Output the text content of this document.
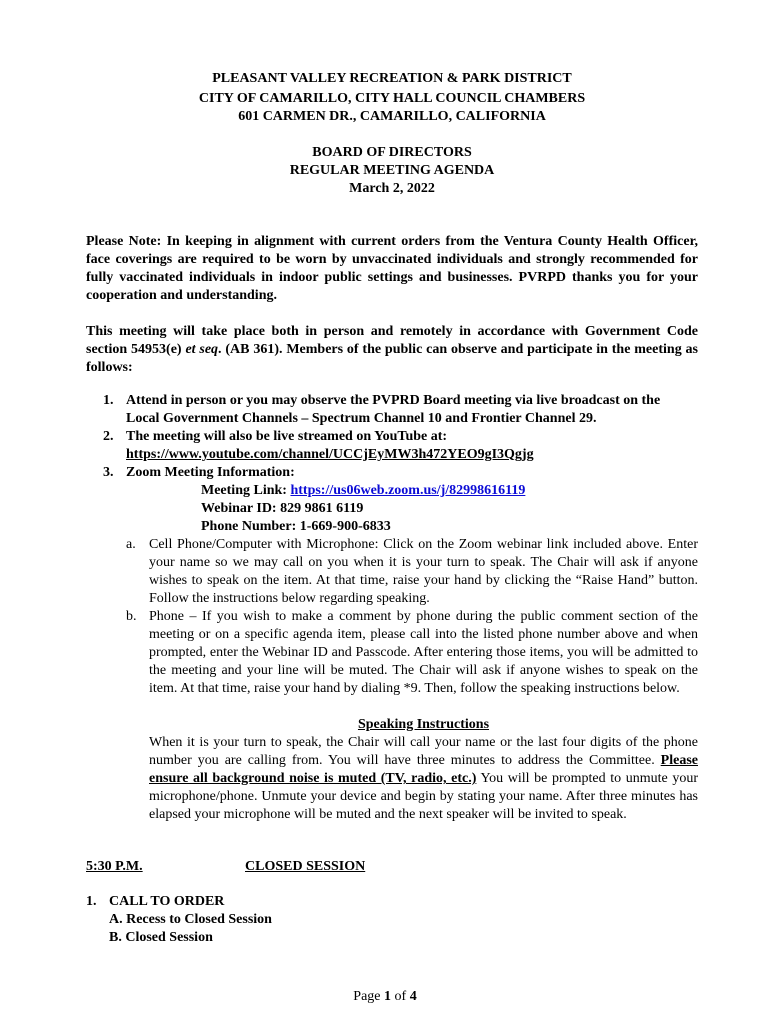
PLEASANT VALLEY RECREATION & PARK DISTRICT
CITY OF CAMARILLO, CITY HALL COUNCIL CHAMBERS
601 CARMEN DR., CAMARILLO, CALIFORNIA
BOARD OF DIRECTORS
REGULAR MEETING AGENDA
March 2, 2022
Please Note: In keeping in alignment with current orders from the Ventura County Health Officer, face coverings are required to be worn by unvaccinated individuals and strongly recommended for fully vaccinated individuals in indoor public settings and businesses. PVRPD thanks you for your cooperation and understanding.
This meeting will take place both in person and remotely in accordance with Government Code section 54953(e) et seq. (AB 361). Members of the public can observe and participate in the meeting as follows:
1. Attend in person or you may observe the PVPRD Board meeting via live broadcast on the
Local Government Channels – Spectrum Channel 10 and Frontier Channel 29.
2. The meeting will also be live streamed on YouTube at:
https://www.youtube.com/channel/UCCjEyMW3h472YEO9gI3Qgjg
3. Zoom Meeting Information:
Meeting Link: https://us06web.zoom.us/j/82998616119
Webinar ID: 829 9861 6119
Phone Number: 1-669-900-6833
a. Cell Phone/Computer with Microphone: Click on the Zoom webinar link included above. Enter your name so we may call on you when it is your turn to speak. The Chair will ask if anyone wishes to speak on the item. At that time, raise your hand by clicking the “Raise Hand” button. Follow the instructions below regarding speaking.
b. Phone – If you wish to make a comment by phone during the public comment section of the meeting or on a specific agenda item, please call into the listed phone number above and when prompted, enter the Webinar ID and Passcode. After entering those items, you will be admitted to the meeting and your line will be muted. The Chair will ask if anyone wishes to speak on the item. At that time, raise your hand by dialing *9. Then, follow the speaking instructions below.
Speaking Instructions
When it is your turn to speak, the Chair will call your name or the last four digits of the phone number you are calling from. You will have three minutes to address the Committee. Please ensure all background noise is muted (TV, radio, etc.) You will be prompted to unmute your microphone/phone. Unmute your device and begin by stating your name. After three minutes has elapsed your microphone will be muted and the next speaker will be invited to speak.
5:30 P.M.	CLOSED SESSION
1. CALL TO ORDER
A. Recess to Closed Session
B. Closed Session
Page 1 of 4
